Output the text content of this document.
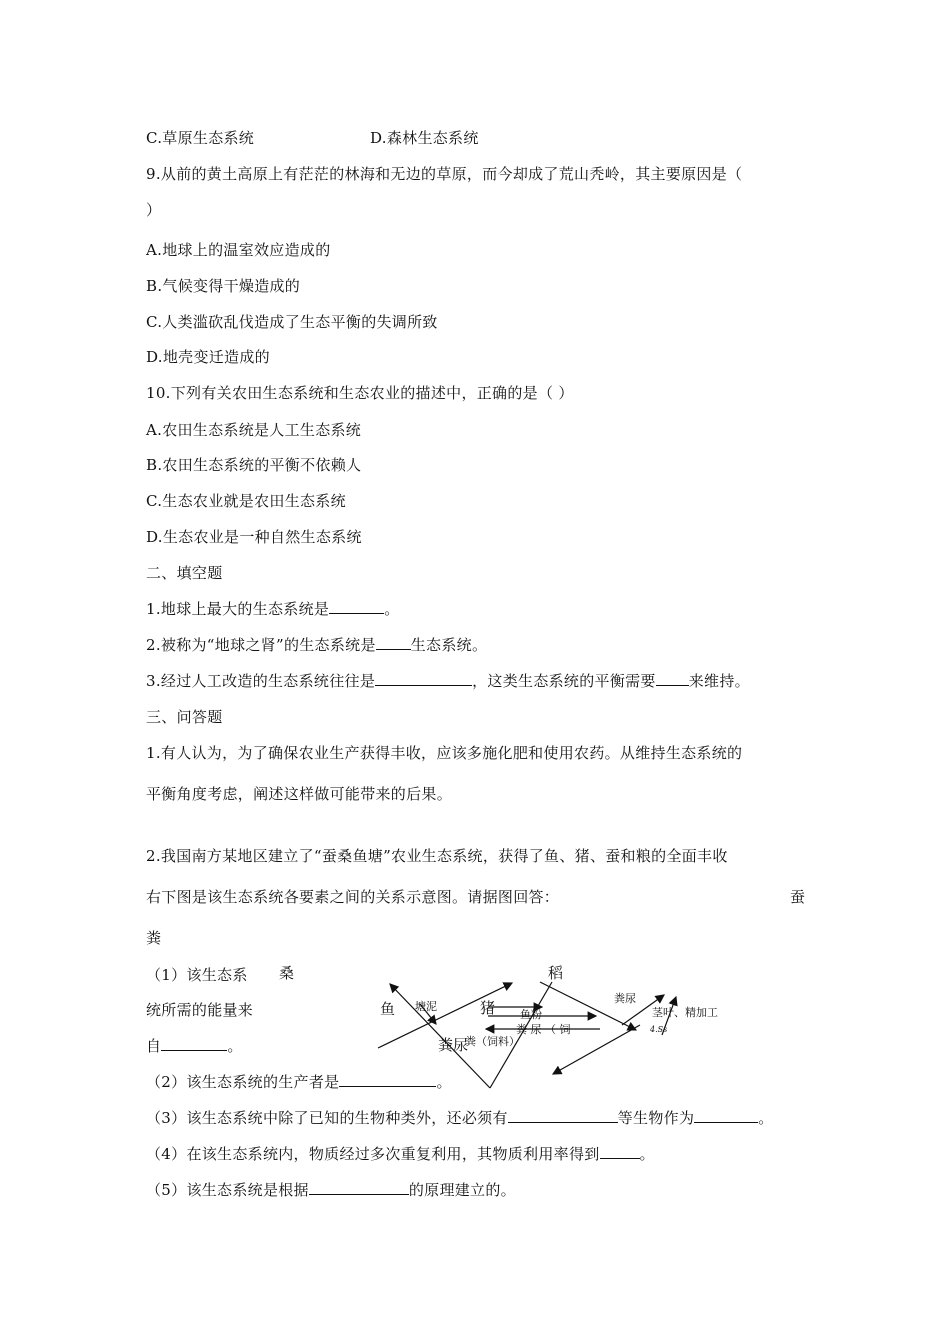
C.草原生态系统	D.森林生态系统
9.从前的黄土高原上有茫茫的林海和无边的草原，而今却成了荒山秃岭，其主要原因是（
）
A.地球上的温室效应造成的
B.气候变得干燥造成的
C.人类滥砍乱伐造成了生态平衡的失调所致
D.地壳变迁造成的
10.下列有关农田生态系统和生态农业的描述中，正确的是（ ）
A.农田生态系统是人工生态系统
B.农田生态系统的平衡不依赖人
C.生态农业就是农田生态系统
D.生态农业是一种自然生态系统
二、填空题
1.地球上最大的生态系统是	。
2.被称为“地球之肾”的生态系统是 生态系统。
3.经过人工改造的生态系统往往是	，这类生态系统的平衡需要 来维持。
三、问答题
1.有人认为，为了确保农业生产获得丰收，应该多施化肥和使用农药。从维持生态系统的
平衡角度考虑，阐述这样做可能带来的后果。
2.我国南方某地区建立了“蚕桑鱼塘”农业生态系统，获得了鱼、猪、蚕和粮的全面丰收
右下图是该生态系统各要素之间的关系示意图。请据图回答：	蚕
粪
（1）该生态系
统所需的能量来
自	。
（2）该生态系统的生产者是	。
（3）该生态系统中除了已知的生物种类外，还必须有	等生物作为	。
（4）在该生态系统内，物质经过多次重复利用，其物质利用率得到	。
（5）该生态系统是根据	的原理建立的。
桑	稻
鱼 塘泥	猪 鱼粉
粪尿
茎叶、精加工
4.Ss
粪 尿 （ 饲
粪尿
粪（饲料）
